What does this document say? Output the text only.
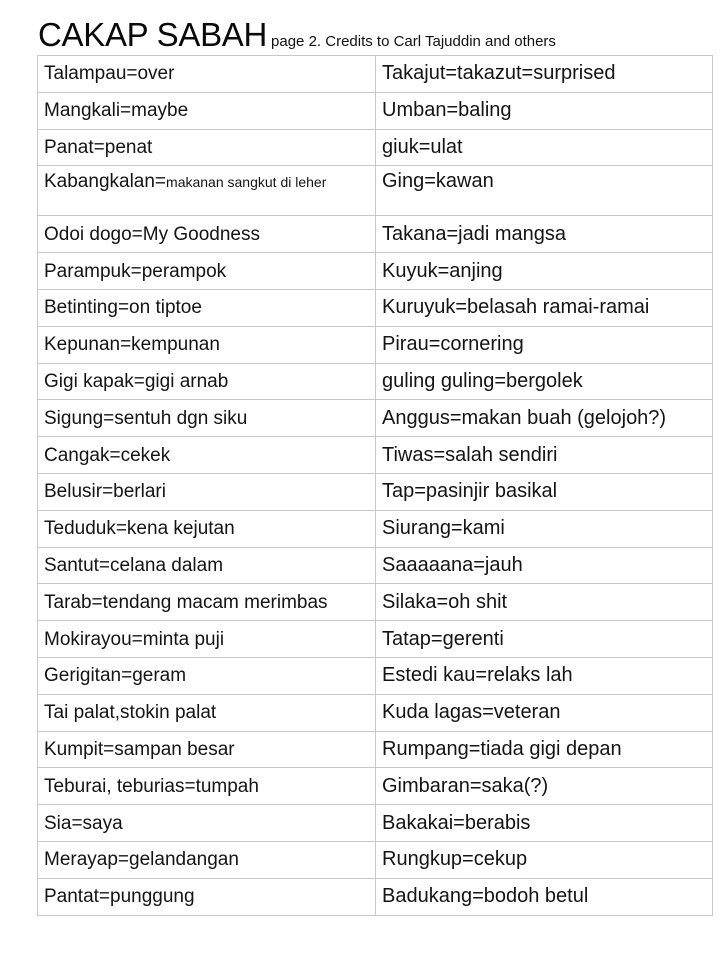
CAKAP SABAH page 2. Credits to Carl Tajuddin and others
Talampau=over	Takajut=takazut=surprised
Mangkali=maybe	Umban=baling
Panat=penat	giuk=ulat
Kabangkalan=makanan sangkut di leher	Ging=kawan
Odoi dogo=My Goodness	Takana=jadi mangsa
Parampuk=perampok	Kuyuk=anjing
Betinting=on tiptoe	Kuruyuk=belasah ramai-ramai
Kepunan=kempunan	Pirau=cornering
Gigi kapak=gigi arnab	guling guling=bergolek
Sigung=sentuh dgn siku	Anggus=makan buah (gelojoh?)
Cangak=cekek	Tiwas=salah sendiri
Belusir=berlari	Tap=pasinjir basikal
Teduduk=kena kejutan	Siurang=kami
Santut=celana dalam	Saaaaana=jauh
Tarab=tendang macam merimbas	Silaka=oh shit
Mokirayou=minta puji	Tatap=gerenti
Gerigitan=geram	Estedi kau=relaks lah
Tai palat,stokin palat	Kuda lagas=veteran
Kumpit=sampan besar	Rumpang=tiada gigi depan
Teburai, teburias=tumpah	Gimbaran=saka(?)
Sia=saya	Bakakai=berabis
Merayap=gelandangan	Rungkup=cekup
Pantat=punggung	Badukang=bodoh betul
